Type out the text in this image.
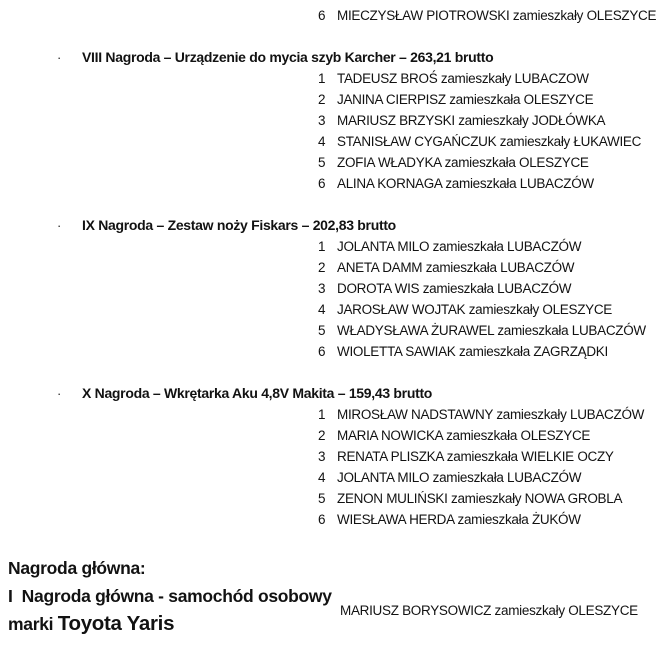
6 MIECZYSŁAW PIOTROWSKI zamieszkały OLESZYCE
·	VIII Nagroda – Urządzenie do mycia szyb Karcher – 263,21 brutto
1 TADEUSZ BROŚ zamieszkały LUBACZOW
2 JANINA CIERPISZ zamieszkała OLESZYCE
3 MARIUSZ BRZYSKI zamieszkały JODŁÓWKA
4 STANISŁAW CYGAŃCZUK zamieszkały ŁUKAWIEC
5 ZOFIA WŁADYKA zamieszkała OLESZYCE
6 ALINA KORNAGA zamieszkała LUBACZÓW
·	IX Nagroda – Zestaw noży Fiskars – 202,83 brutto
1 JOLANTA MILO zamieszkała LUBACZÓW
2 ANETA DAMM zamieszkała LUBACZÓW
3 DOROTA WIS zamieszkała LUBACZÓW
4 JAROSŁAW WOJTAK zamieszkały OLESZYCE
5 WŁADYSŁAWA ŻURAWEL zamieszkała LUBACZÓW
6 WIOLETTA SAWIAK zamieszkała ZAGRZĄDKI
·	X Nagroda – Wkrętarka Aku 4,8V Makita – 159,43 brutto
1 MIROSŁAW NADSTAWNY zamieszkały LUBACZÓW
2 MARIA NOWICKA zamieszkała OLESZYCE
3 RENATA PLISZKA zamieszkała WIELKIE OCZY
4 JOLANTA MILO zamieszkała LUBACZÓW
5 ZENON MULIŃSKI zamieszkały NOWA GROBLA
6 WIESŁAWA HERDA zamieszkała ŻUKÓW
Nagroda główna:
I  Nagroda główna - samochód osobowy
marki Toyota Yaris
MARIUSZ BORYSOWICZ zamieszkały OLESZYCE
